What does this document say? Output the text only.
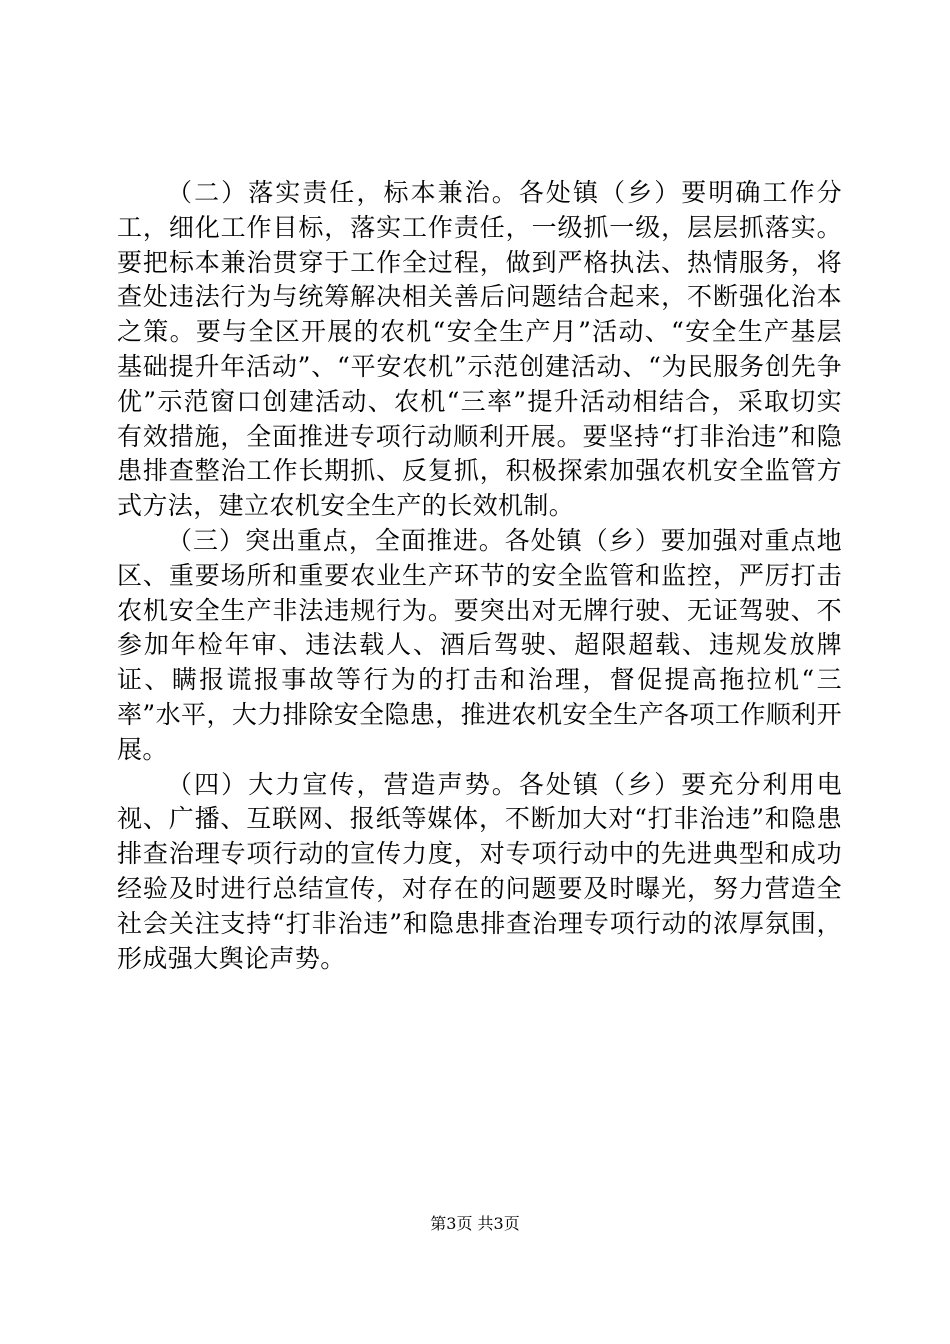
（二）落实责任，标本兼治。各处镇（乡）要明确工作分工，细化工作目标，落实工作责任，一级抓一级，层层抓落实。要把标本兼治贯穿于工作全过程，做到严格执法、热情服务，将查处违法行为与统筹解决相关善后问题结合起来，不断强化治本之策。要与全区开展的农机“安全生产月”活动、“安全生产基层基础提升年活动”、“平安农机”示范创建活动、“为民服务创先争优”示范窗口创建活动、农机“三率”提升活动相结合，采取切实有效措施，全面推进专项行动顺利开展。要坚持“打非治违”和隐患排查整治工作长期抓、反复抓，积极探索加强农机安全监管方式方法，建立农机安全生产的长效机制。

（三）突出重点，全面推进。各处镇（乡）要加强对重点地区、重要场所和重要农业生产环节的安全监管和监控，严厉打击农机安全生产非法违规行为。要突出对无牌行驶、无证驾驶、不参加年检年审、违法载人、酒后驾驶、超限超载、违规发放牌证、瞒报谎报事故等行为的打击和治理，督促提高拖拉机“三率”水平，大力排除安全隐患，推进农机安全生产各项工作顺利开展。

（四）大力宣传，营造声势。各处镇（乡）要充分利用电视、广播、互联网、报纸等媒体，不断加大对“打非治违”和隐患排查治理专项行动的宣传力度，对专项行动中的先进典型和成功经验及时进行总结宣传，对存在的问题要及时曝光，努力营造全社会关注支持“打非治违”和隐患排查治理专项行动的浓厚氛围，形成强大舆论声势。

第3页 共3页
